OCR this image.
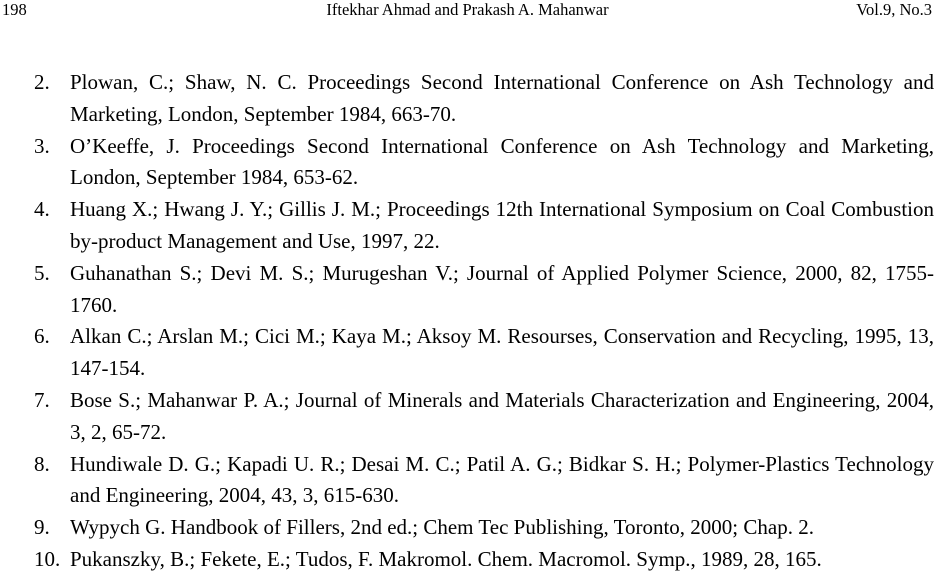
198	Iftekhar Ahmad and Prakash A. Mahanwar	Vol.9, No.3
2. Plowan, C.; Shaw, N. C. Proceedings Second International Conference on Ash Technology and Marketing, London, September 1984, 663-70.
3. O’Keeffe, J. Proceedings Second International Conference on Ash Technology and Marketing, London, September 1984, 653-62.
4. Huang X.; Hwang J. Y.; Gillis J. M.; Proceedings 12th International Symposium on Coal Combustion by-product Management and Use, 1997, 22.
5. Guhanathan S.; Devi M. S.; Murugeshan V.; Journal of Applied Polymer Science, 2000, 82, 1755-1760.
6. Alkan C.; Arslan M.; Cici M.; Kaya M.; Aksoy M. Resourses, Conservation and Recycling, 1995, 13, 147-154.
7. Bose S.; Mahanwar P. A.; Journal of Minerals and Materials Characterization and Engineering, 2004, 3, 2, 65-72.
8. Hundiwale D. G.; Kapadi U. R.; Desai M. C.; Patil A. G.; Bidkar S. H.; Polymer-Plastics Technology and Engineering, 2004, 43, 3, 615-630.
9. Wypych G. Handbook of Fillers, 2nd ed.; Chem Tec Publishing, Toronto, 2000; Chap. 2.
10. Pukanszky, B.; Fekete, E.; Tudos, F. Makromol. Chem. Macromol. Symp., 1989, 28, 165.
